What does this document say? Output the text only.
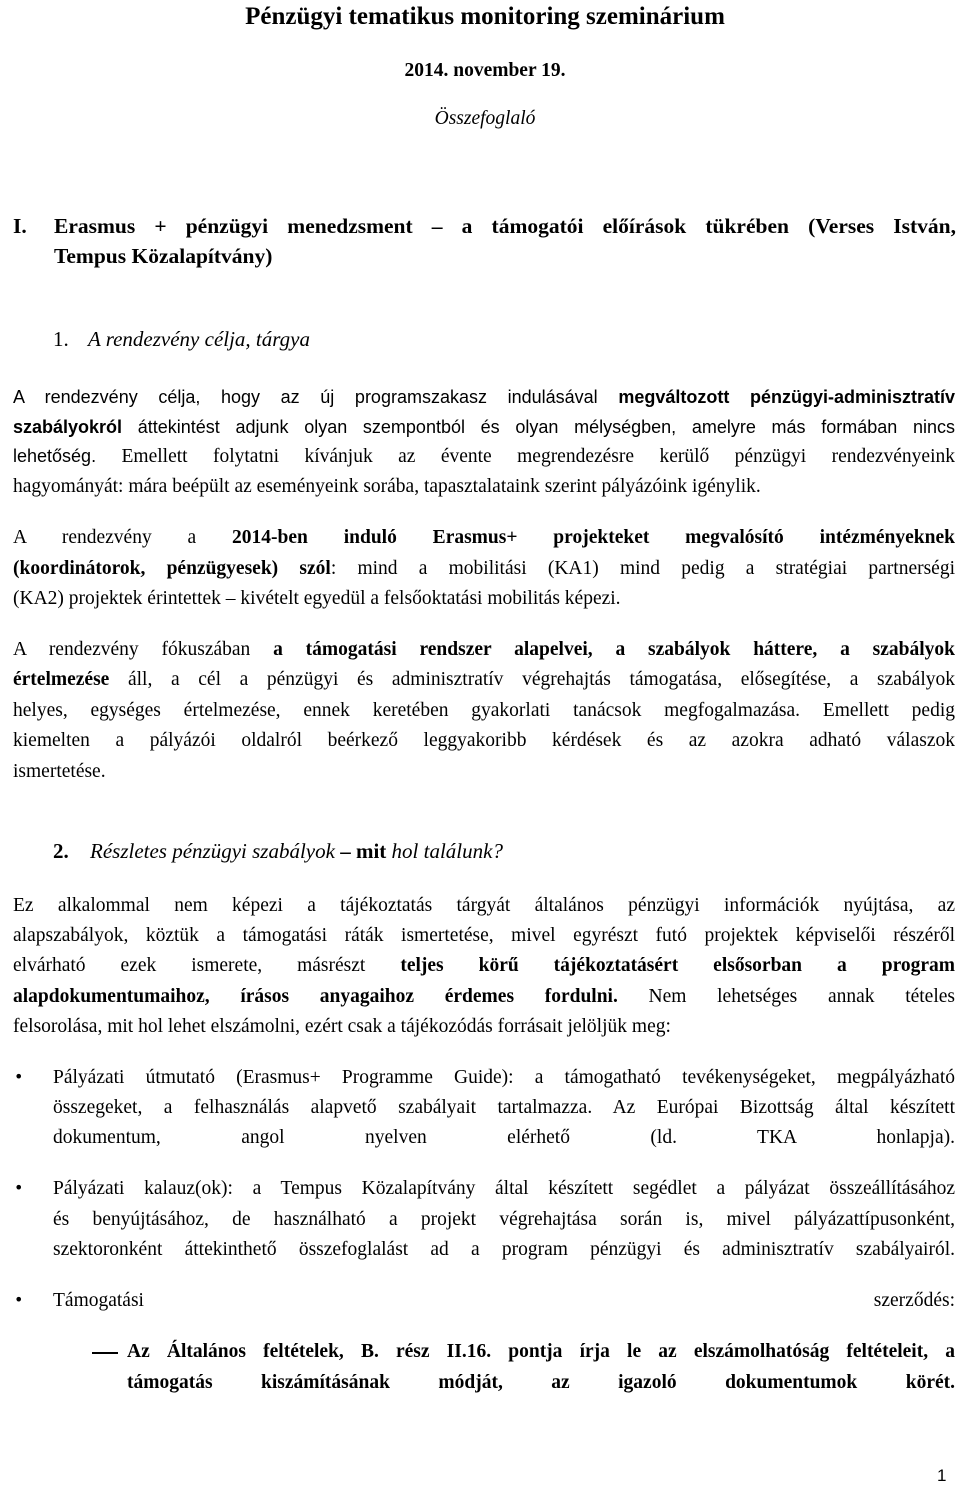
Pénzügyi tematikus monitoring szeminárium
2014. november 19.
Összefoglaló
I. Erasmus + pénzügyi menedzsment – a támogatói előírások tükrében (Verses István,
Tempus Közalapítvány)
1. A rendezvény célja, tárgya
A rendezvény célja, hogy az új programszakasz indulásával megváltozott pénzügyi-adminisztratív
szabályokról áttekintést adjunk olyan szempontból és olyan mélységben, amelyre más formában nincs
lehetőség. Emellett folytatni kívánjuk az évente megrendezésre kerülő pénzügyi rendezvényeink
hagyományát: mára beépült az eseményeink sorába, tapasztalataink szerint pályázóink igénylik.
A rendezvény a 2014-ben induló Erasmus+ projekteket megvalósító intézményeknek
(koordinátorok, pénzügyesek) szól: mind a mobilitási (KA1) mind pedig a stratégiai partnerségi
(KA2) projektek érintettek – kivételt egyedül a felsőoktatási mobilitás képezi.
A rendezvény fókuszában a támogatási rendszer alapelvei, a szabályok háttere, a szabályok
értelmezése áll, a cél a pénzügyi és adminisztratív végrehajtás támogatása, elősegítése, a szabályok
helyes, egységes értelmezése, ennek keretében gyakorlati tanácsok megfogalmazása. Emellett pedig
kiemelten a pályázói oldalról beérkező leggyakoribb kérdések és az azokra adható válaszok
ismertetése.
2. Részletes pénzügyi szabályok – mit hol találunk?
Ez alkalommal nem képezi a tájékoztatás tárgyát általános pénzügyi információk nyújtása, az
alapszabályok, köztük a támogatási ráták ismertetése, mivel egyrészt futó projektek képviselői részéről
elvárható ezek ismerete, másrészt teljes körű tájékoztatásért elsősorban a program
alapdokumentumaihoz, írásos anyagaihoz érdemes fordulni. Nem lehetséges annak tételes
felsorolása, mit hol lehet elszámolni, ezért csak a tájékozódás forrásait jelöljük meg:
• Pályázati útmutató (Erasmus+ Programme Guide): a támogatható tevékenységeket, megpályázható
összegeket, a felhasználás alapvető szabályait tartalmazza. Az Európai Bizottság által készített
dokumentum, angol nyelven elérhető (ld. TKA honlapja).
• Pályázati kalauz(ok): a Tempus Közalapítvány által készített segédlet a pályázat összeállításához
és benyújtásához, de használható a projekt végrehajtása során is, mivel pályázattípusonként,
szektoronként áttekinthető összefoglalást ad a program pénzügyi és adminisztratív szabályairól.
• Támogatási szerződés:
Az Általános feltételek, B. rész II.16. pontja írja le az elszámolhatóság feltételeit, a
támogatás kiszámításának módját, az igazoló dokumentumok körét.
1
